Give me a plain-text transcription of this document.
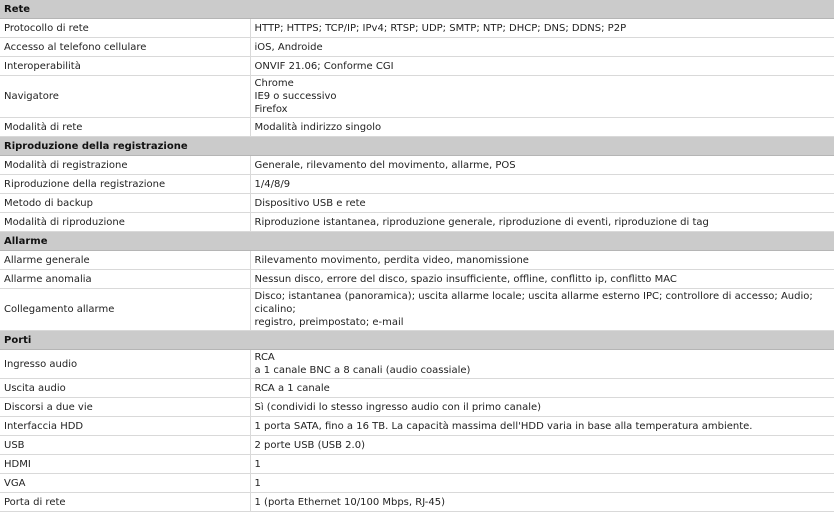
Rete	
Protocollo di rete	HTTP; HTTPS; TCP/IP; IPv4; RTSP; UDP; SMTP; NTP; DHCP; DNS; DDNS; P2P

Accesso al telefono cellulare	iOS, Androide

Interoperabilità	ONVIF 21.06; Conforme CGI

Navigatore	Chrome
IE9 o successivo
Firefox

Modalità di rete	Modalità indirizzo singolo

Riproduzione della registrazione	
Modalità di registrazione	Generale, rilevamento del movimento, allarme, POS

Riproduzione della registrazione	1/4/8/9

Metodo di backup	Dispositivo USB e rete

Modalità di riproduzione	Riproduzione istantanea, riproduzione generale, riproduzione di eventi, riproduzione di tag

Allarme	
Allarme generale	Rilevamento movimento, perdita video, manomissione

Allarme anomalia	Nessun disco, errore del disco, spazio insufficiente, offline, conflitto ip, conflitto MAC

Collegamento allarme	Disco; istantanea (panoramica); uscita allarme locale; uscita allarme esterno IPC; controllore di accesso; Audio; cicalino;
registro, preimpostato; e-mail

Porti	
Ingresso audio	RCA
a 1 canale BNC a 8 canali (audio coassiale)

Uscita audio	RCA a 1 canale

Discorsi a due vie	Sì (condividi lo stesso ingresso audio con il primo canale)

Interfaccia HDD	1 porta SATA, fino a 16 TB. La capacità massima dell'HDD varia in base alla temperatura ambiente.

USB	2 porte USB (USB 2.0)

HDMI	1

VGA	1

Porta di rete	1 (porta Ethernet 10/100 Mbps, RJ-45)
